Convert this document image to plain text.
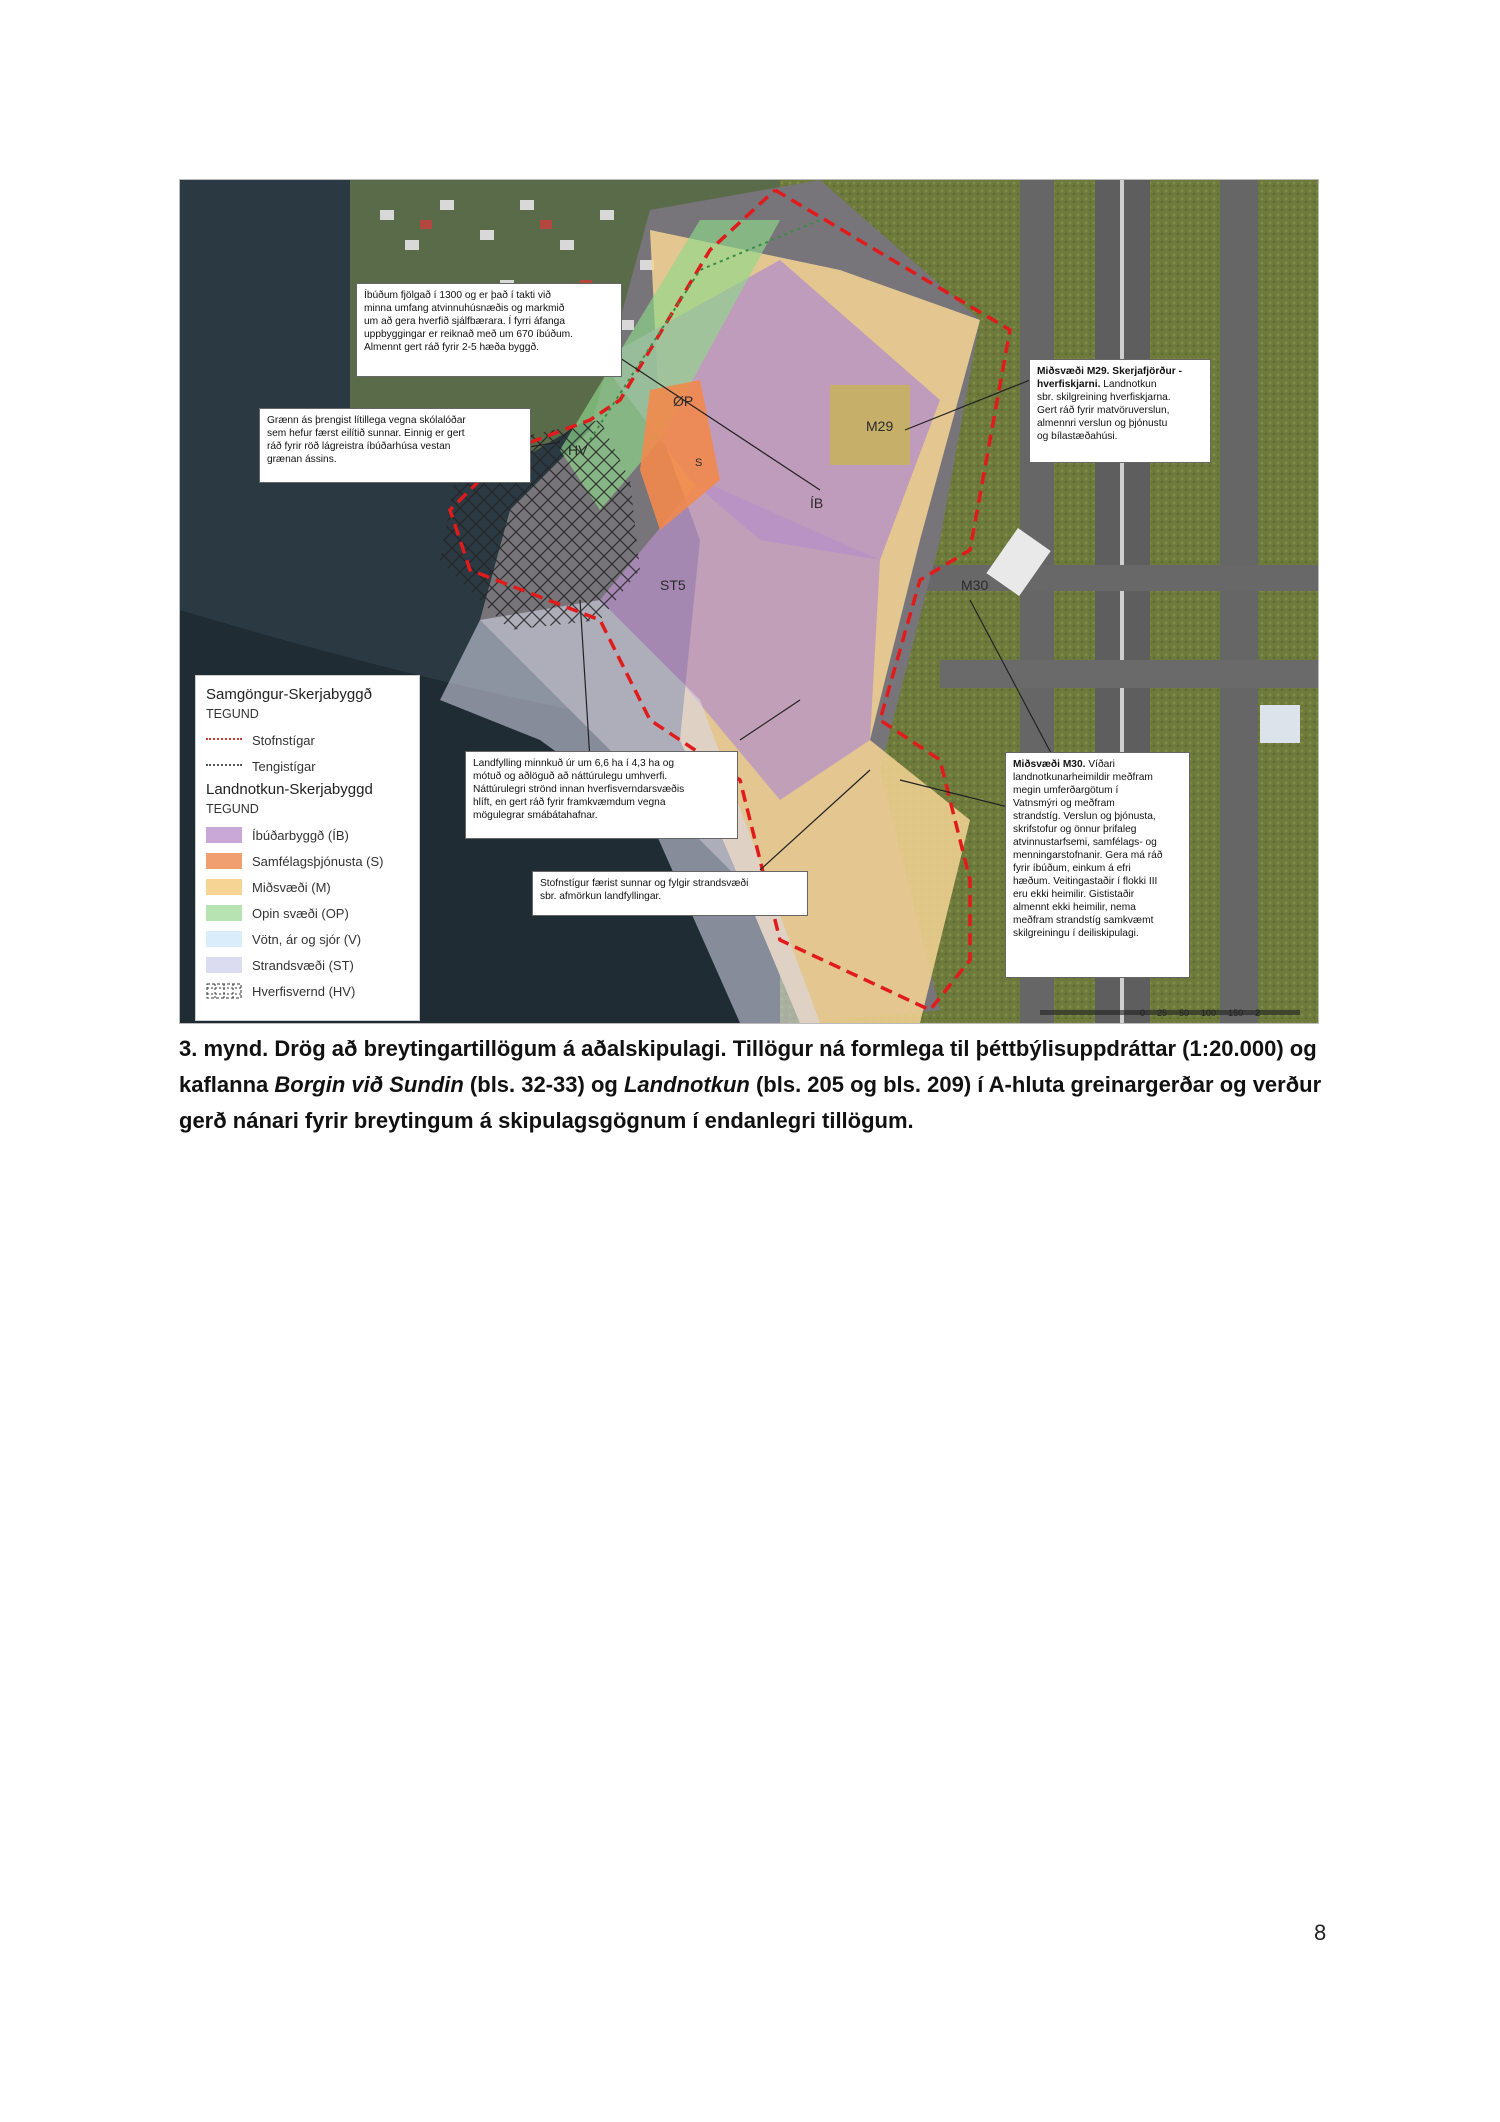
ØP
HV
M29
ÍB
ST5	M30
S
Íbúðum fjölgað í 1300 og er það í takti við
minna umfang atvinnuhúsnæðis og markmið
um að gera hverfið sjálfbærara. Í fyrri áfanga
uppbyggingar er reiknað með um 670 íbúðum.
Almennt gert ráð fyrir 2-5 hæða byggð.
Grænn ás þrengist lítillega vegna skólalóðar
sem hefur færst eilítið sunnar. Einnig er gert
ráð fyrir röð lágreistra íbúðarhúsa vestan
grænan ássins.
Miðsvæði M29. Skerjafjörður - hverfiskjarni. Landnotkun
sbr. skilgreining hverfiskjarna.
Gert ráð fyrir matvöruverslun,
almennri verslun og þjónustu
og bílastæðahúsi.
Landfylling minnkuð úr um 6,6 ha í 4,3 ha og
mótuð og aðlöguð að náttúrulegu umhverfi.
Náttúrulegri strönd innan hverfisverndarsvæðis
hlíft, en gert ráð fyrir framkvæmdum vegna
mögulegrar smábátahafnar.
Stofnstígur færist sunnar og fylgir strandsvæði
sbr. afmörkun landfyllingar.
Miðsvæði M30. Víðari
landnotkunarheimildir meðfram
megin umferðargötum í
Vatnsmýri og meðfram
strandstíg. Verslun og þjónusta,
skrifstofur og önnur þrifaleg
atvinnustarfsemi, samfélags- og
menningarstofnanir. Gera má ráð
fyrir íbúðum, einkum á efri
hæðum. Veitingastaðir í flokki III
eru ekki heimilir. Gististaðir
almennt ekki heimilir, nema
meðfram strandstíg samkvæmt
skilgreiningu í deiliskipulagi.
0 25 50 100 150 2
Samgöngur-Skerjabyggð
TEGUND
Stofnstígar
Tengistígar
Landnotkun-Skerjabyggd
TEGUND
Íbúðarbyggð (ÍB)
Samfélagsþjónusta (S)
Miðsvæði (M)
Opin svæði (OP)
Vötn, ár og sjór (V)
Strandsvæði (ST)
Hverfisvernd (HV)

3. mynd. Drög að breytingartillögum á aðalskipulagi. Tillögur ná formlega til þéttbýlisuppdráttar (1:20.000) og kaflanna Borgin við Sundin (bls. 32-33) og Landnotkun (bls. 205 og bls. 209) í A-hluta greinargerðar og verður gerð nánari fyrir breytingum á skipulagsgögnum í endanlegri tillögum.

8
